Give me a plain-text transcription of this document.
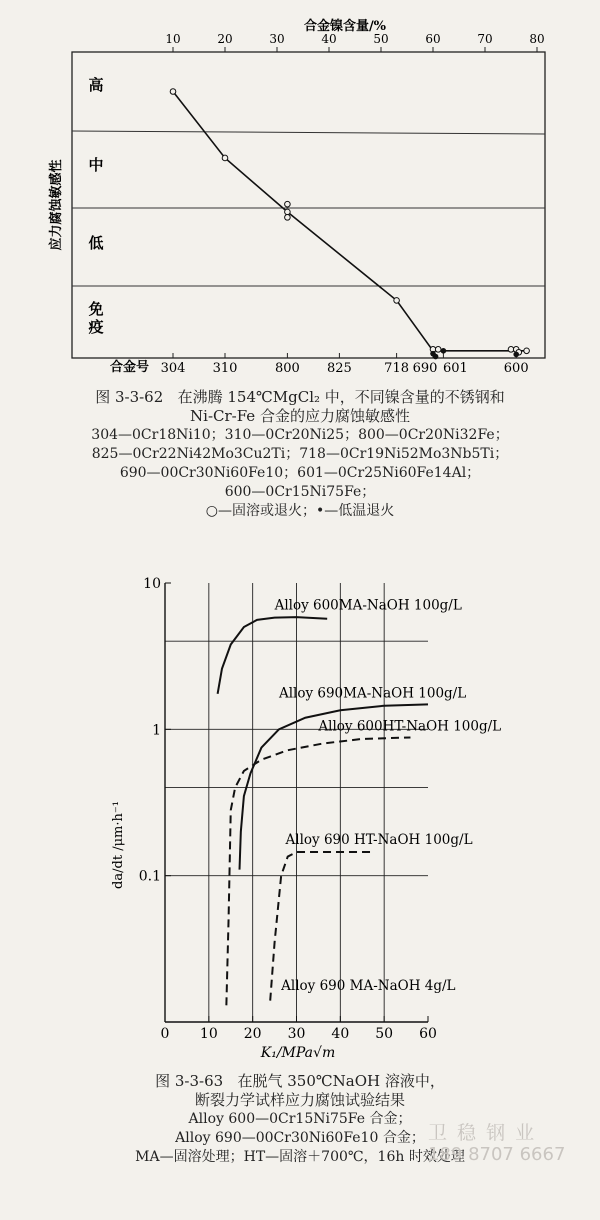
10	20	30	40	50	60	70	80
304 310	800 825 718 690 601	600
高
中
低
免
疫
合金镍含量/%
应力腐蚀敏感性
合金号
图 3-3-62 在沸腾 154℃MgCl₂ 中，不同镍含量的不锈钢和
Ni-Cr-Fe 合金的应力腐蚀敏感性
304—0Cr18Ni10；310—0Cr20Ni25；800—0Cr20Ni32Fe；
825—0Cr22Ni42Mo3Cu2Ti；718—0Cr19Ni52Mo3Nb5Ti；
690—00Cr30Ni60Fe10；601—0Cr25Ni60Fe14Al；
600—0Cr15Ni75Fe；
○—固溶或退火；•—低温退火
0 10 20 30 40 50 60
0.1
1
10
Alloy 600MA-NaOH 100g/L
Alloy 690MA-NaOH 100g/L
Alloy 600HT-NaOH 100g/L
Alloy 690 HT-NaOH 100g/L
Alloy 690 MA-NaOH 4g/L
K₁/MPa√m
da/dt /μm·h⁻¹
图 3-3-63 在脱气 350℃NaOH 溶液中，
断裂力学试样应力腐蚀试验结果
Alloy 600—0Cr15Ni75Fe 合金；
Alloy 690—00Cr30Ni60Fe10 合金；
MA—固溶处理；HT—固溶＋700℃，16h 时效处理
卫 稳 钢 业
189 8707 6667
